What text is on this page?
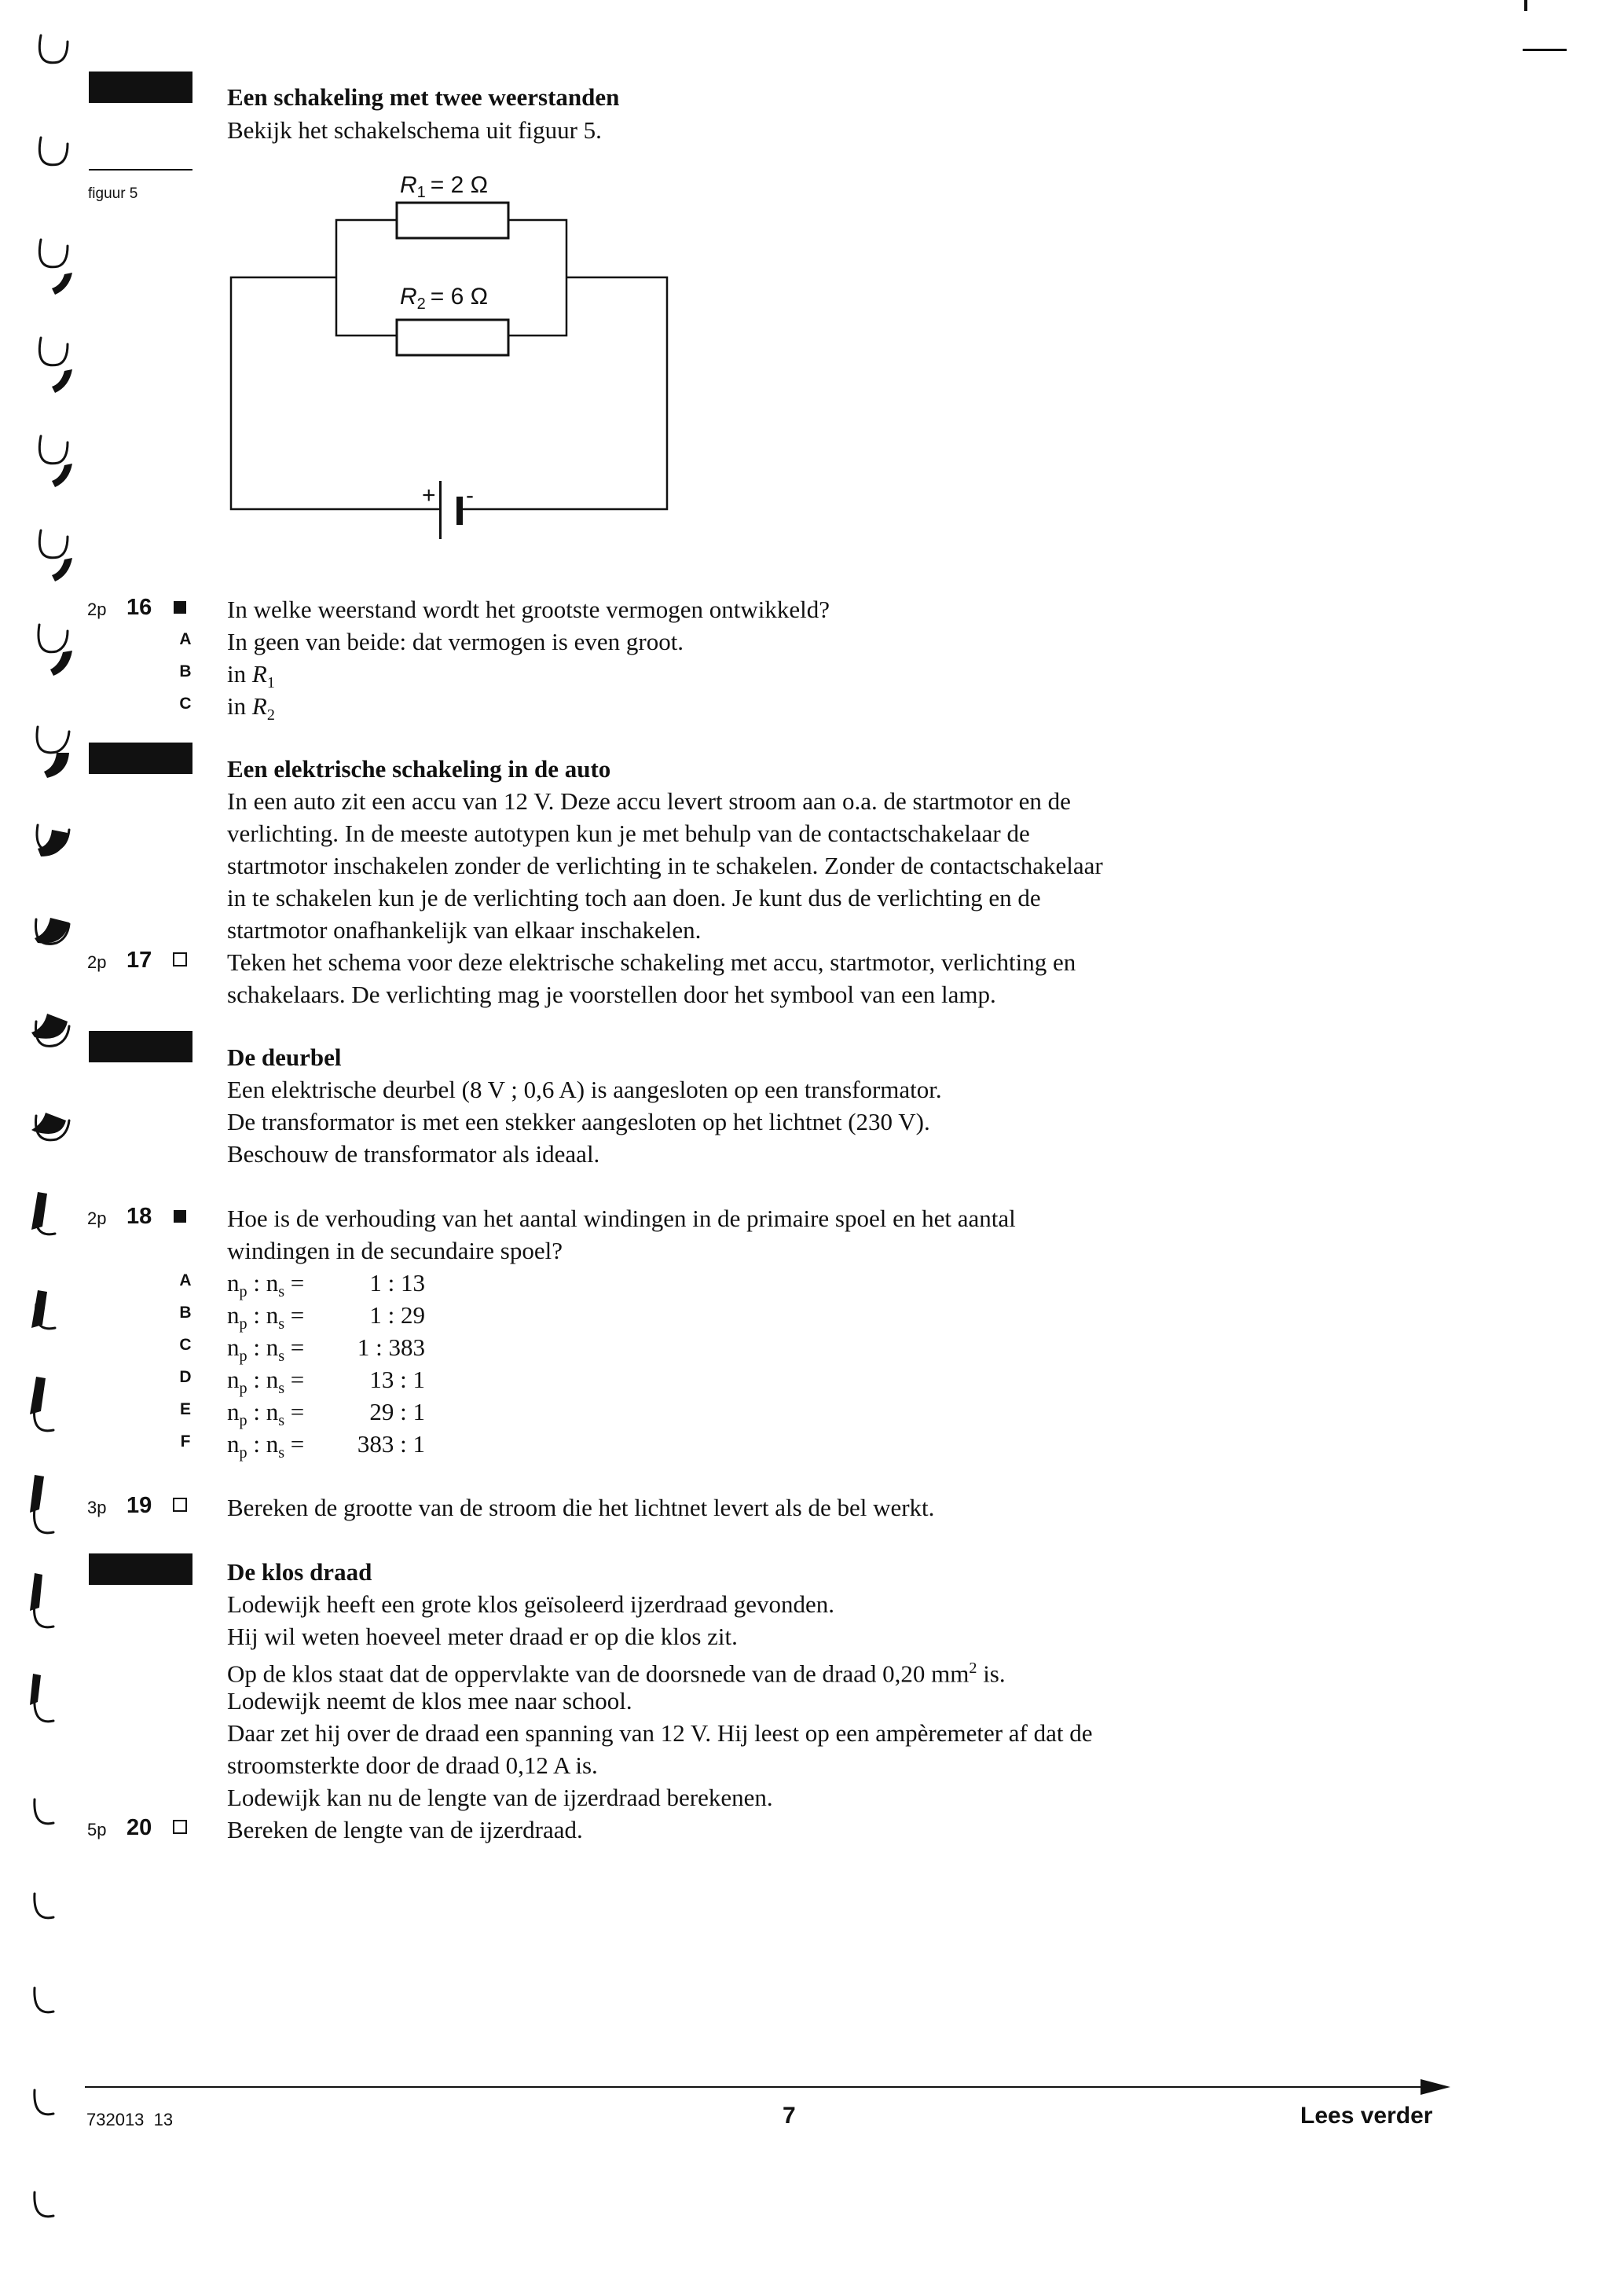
figuur 5
Een schakeling met twee weerstanden
Bekijk het schakelschema uit figuur 5.
+ -
$R_1 = 2$ Ω
$R_2 = 6$ Ω
2p 16	In welke weerstand wordt het grootste vermogen ontwikkeld?
A In geen van beide: dat vermogen is even groot.
B in $R_1$
C in $R_2$
Een elektrische schakeling in de auto
In een auto zit een accu van 12 V. Deze accu levert stroom aan o.a. de startmotor en de
verlichting. In de meeste autotypen kun je met behulp van de contactschakelaar de
startmotor inschakelen zonder de verlichting in te schakelen. Zonder de contactschakelaar
in te schakelen kun je de verlichting toch aan doen. Je kunt dus de verlichting en de
startmotor onafhankelijk van elkaar inschakelen.
2p 17	Teken het schema voor deze elektrische schakeling met accu, startmotor, verlichting en
schakelaars. De verlichting mag je voorstellen door het symbool van een lamp.
De deurbel
Een elektrische deurbel (8 V ; 0,6 A) is aangesloten op een transformator.
De transformator is met een stekker aangesloten op het lichtnet (230 V).
Beschouw de transformator als ideaal.
2p 18	Hoe is de verhouding van het aantal windingen in de primaire spoel en het aantal
windingen in de secundaire spoel?
A $n_p$ : $n_s$ =	1 : 13
B $n_p$ : $n_s$ =	1 : 29
C $n_p$ : $n_s = 1$ : 383
D $n_p$ : $n_s$ =	13 : 1
E $n_p$ : $n_s$ =	29 : 1
F $n_p$ : $n_s = 383$ : 1
3p 19	Bereken de grootte van de stroom die het lichtnet levert als de bel werkt.
De klos draad
Lodewijk heeft een grote klos geïsoleerd ijzerdraad gevonden.
Hij wil weten hoeveel meter draad er op die klos zit.
Op de klos staat dat de oppervlakte van de doorsnede van de draad 0,20 $mm^2$ is.
Lodewijk neemt de klos mee naar school.
Daar zet hij over de draad een spanning van 12 V. Hij leest op een ampèremeter af dat de
stroomsterkte door de draad 0,12 A is.
Lodewijk kan nu de lengte van de ijzerdraad berekenen.
5p 20	Bereken de lengte van de ijzerdraad.
732013  13	7	Lees verder
